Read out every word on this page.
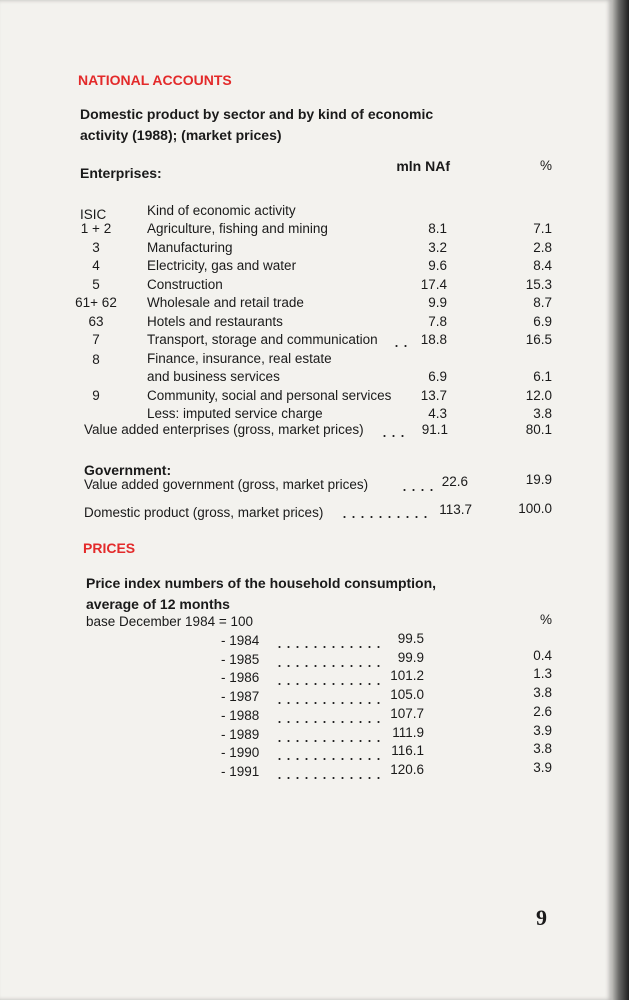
NATIONAL ACCOUNTS
Domestic product by sector and by kind of economic
activity (1988); (market prices)
Enterprises:	mln NAf	%
ISIC	Kind of economic activity
1 + 2	Agriculture, fishing and mining	8.1	7.1
3	Manufacturing	3.2	2.8
4	Electricity, gas and water	9.6	8.4
5	Construction	17.4	15.3
61+ 62 Wholesale and retail trade	9.9	8.7
63	Hotels and restaurants	7.8	6.9
7	Transport, storage and communication	18.8	16.5
8	Finance, insurance, real estate
and business services	6.9	6.1
9	Community, social and personal services	13.7	12.0
Less: imputed service charge	4.3	3.8
Value added enterprises (gross, market prices)	91.1	80.1
Government:
Value added government (gross, market prices)	22.6	19.9
Domestic product (gross, market prices)	113.7	100.0
PRICES
Price index numbers of the household consumption,
average of 12 months
base December 1984 = 100	%
- 1984	99.5
- 1985	99.9	0.4
- 1986	101.2	1.3
- 1987	105.0	3.8
- 1988	107.7	2.6
- 1989	111.9	3.9
- 1990	116.1	3.8
- 1991	120.6	3.9
9
